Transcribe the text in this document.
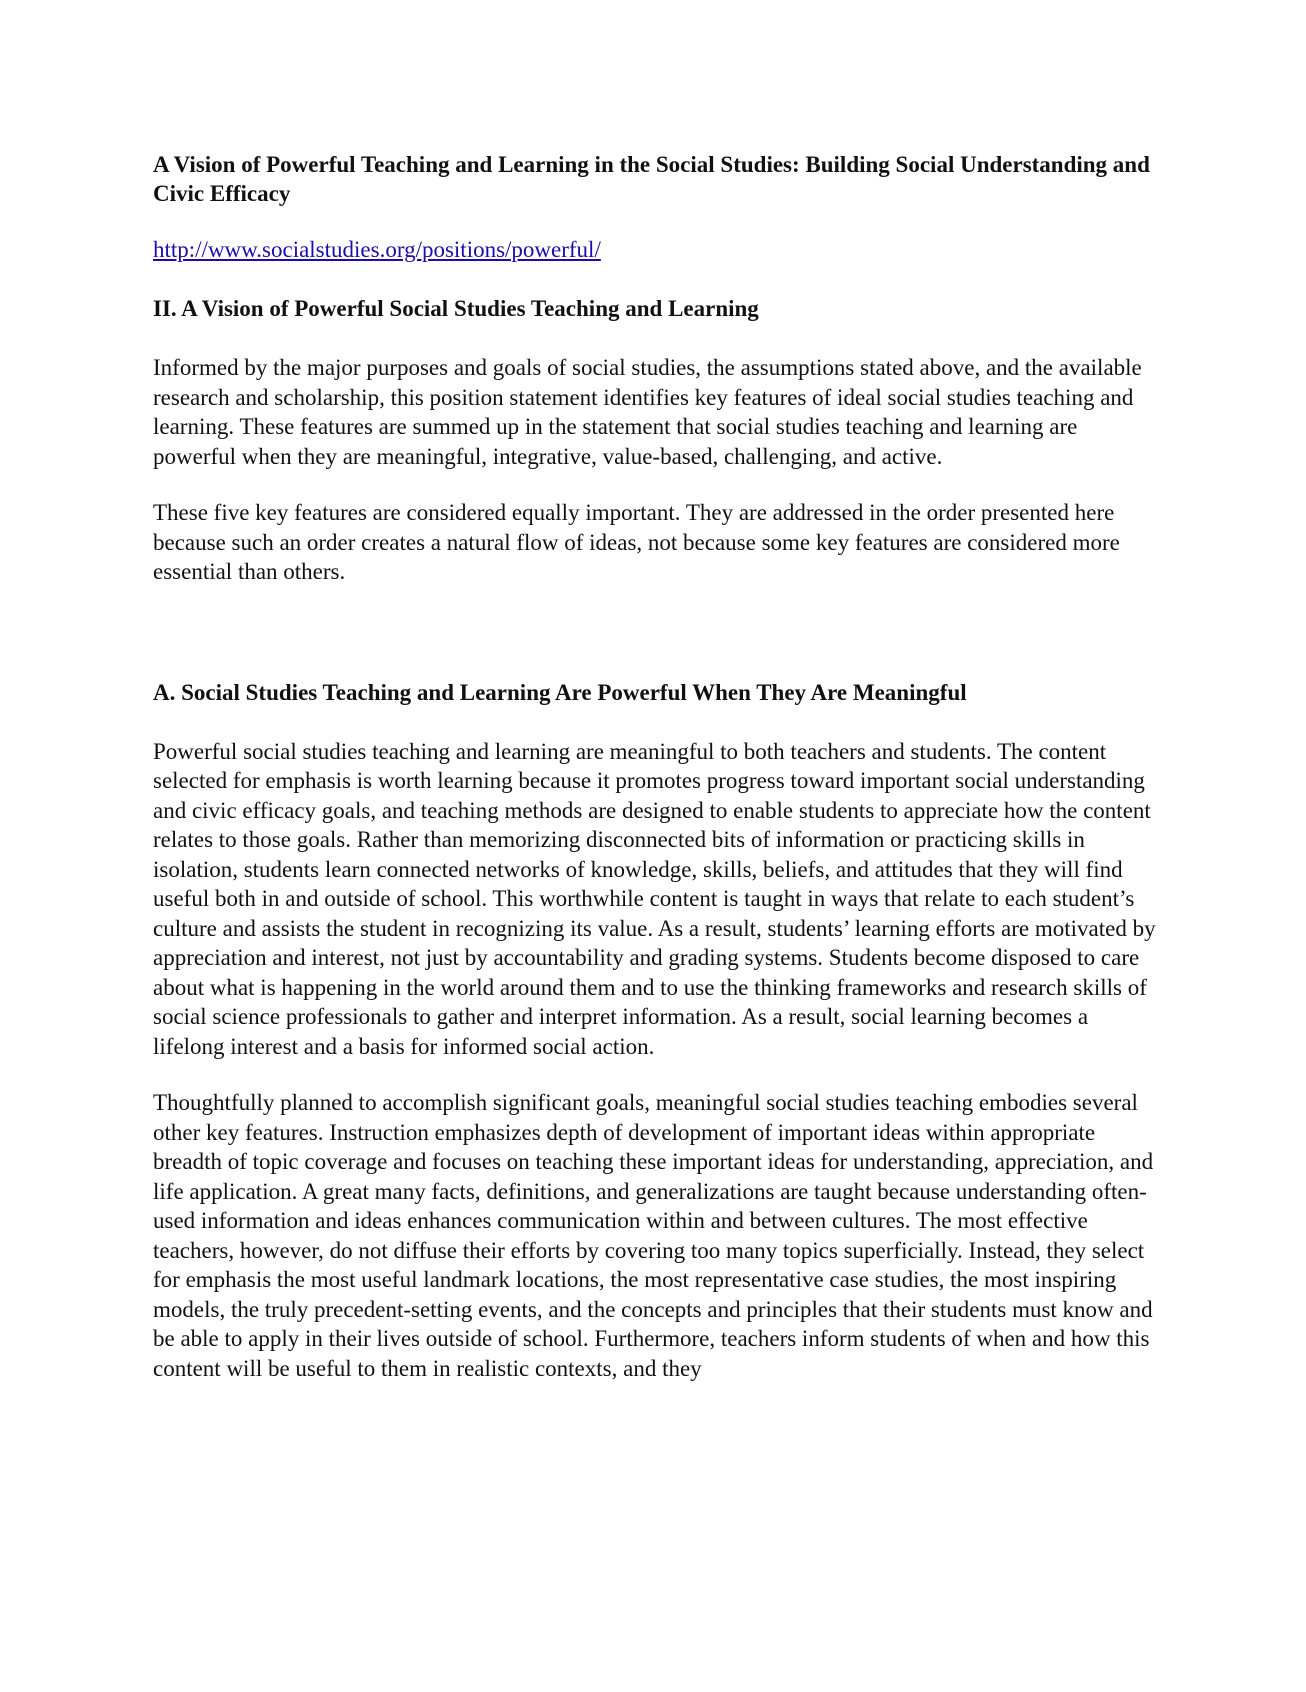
A Vision of Powerful Teaching and Learning in the Social Studies: Building Social Understanding and Civic Efficacy
http://www.socialstudies.org/positions/powerful/
II. A Vision of Powerful Social Studies Teaching and Learning

Informed by the major purposes and goals of social studies, the assumptions stated above, and the available research and scholarship, this position statement identifies key features of ideal social studies teaching and learning. These features are summed up in the statement that social studies teaching and learning are powerful when they are meaningful, integrative, value-based, challenging, and active.

These five key features are considered equally important. They are addressed in the order presented here because such an order creates a natural flow of ideas, not because some key features are considered more essential than others.

A. Social Studies Teaching and Learning Are Powerful When They Are Meaningful

Powerful social studies teaching and learning are meaningful to both teachers and students. The content selected for emphasis is worth learning because it promotes progress toward important social understanding and civic efficacy goals, and teaching methods are designed to enable students to appreciate how the content relates to those goals. Rather than memorizing disconnected bits of information or practicing skills in isolation, students learn connected networks of knowledge, skills, beliefs, and attitudes that they will find useful both in and outside of school. This worthwhile content is taught in ways that relate to each student’s culture and assists the student in recognizing its value. As a result, students’ learning efforts are motivated by appreciation and interest, not just by accountability and grading systems. Students become disposed to care about what is happening in the world around them and to use the thinking frameworks and research skills of social science professionals to gather and interpret information. As a result, social learning becomes a lifelong interest and a basis for informed social action.

Thoughtfully planned to accomplish significant goals, meaningful social studies teaching embodies several other key features. Instruction emphasizes depth of development of important ideas within appropriate breadth of topic coverage and focuses on teaching these important ideas for understanding, appreciation, and life application. A great many facts, definitions, and generalizations are taught because understanding often-used information and ideas enhances communication within and between cultures. The most effective teachers, however, do not diffuse their efforts by covering too many topics superficially. Instead, they select for emphasis the most useful landmark locations, the most representative case studies, the most inspiring models, the truly precedent-setting events, and the concepts and principles that their students must know and be able to apply in their lives outside of school. Furthermore, teachers inform students of when and how this content will be useful to them in realistic contexts, and they
